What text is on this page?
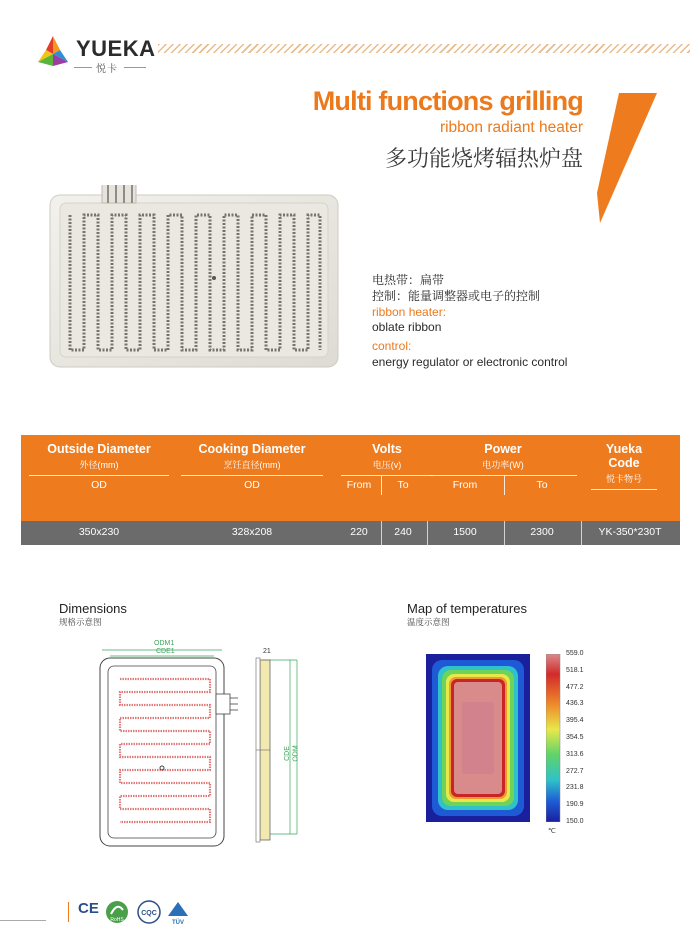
YUEKA
悦卡
Multi functions grilling
ribbon radiant heater
多功能烧烤辐热炉盘
电热带：扁带
控制：能量调整器或电子的控制
ribbon heater:
oblate ribbon
control:
energy regulator or electronic control
Outside Diameter
外径(mm)
Cooking Diameter
烹饪直径(mm)
Volts
电压(v)
Power
电功率(W)
Yueka Code
悦卡物号
OD	OD	From	To	From	To
350x230	328x208	220	240	1500	2300	YK-350*230T
Dimensions
规格示意图
ODM1
CDE1	21
CDE ODM
Map of temperatures
温度示意图
559.0
518.1
477.2
436.3
395.4
354.5
313.6
272.7
231.8
190.9
150.0
℃
CE
RoHS
CQC
TÜV
